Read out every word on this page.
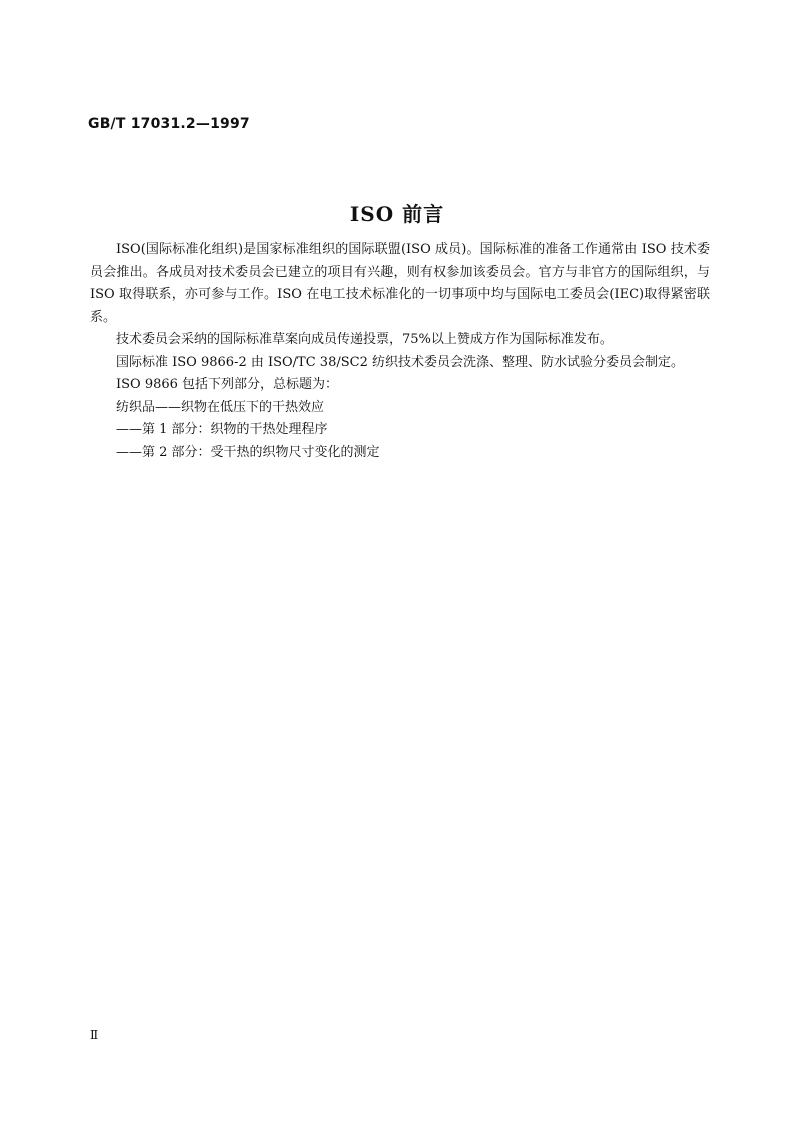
GB/T 17031.2—1997
ISO 前言

ISO(国际标准化组织)是国家标准组织的国际联盟(ISO 成员)。国际标准的准备工作通常由 ISO 技术委员会推出。各成员对技术委员会已建立的项目有兴趣，则有权参加该委员会。官方与非官方的国际组织，与 ISO 取得联系，亦可参与工作。ISO 在电工技术标准化的一切事项中均与国际电工委员会(IEC)取得紧密联系。

技术委员会采纳的国际标准草案向成员传递投票，75%以上赞成方作为国际标准发布。

国际标准 ISO 9866-2 由 ISO/TC 38/SC2 纺织技术委员会洗涤、整理、防水试验分委员会制定。

ISO 9866 包括下列部分，总标题为：

纺织品——织物在低压下的干热效应

——第 1 部分：织物的干热处理程序

——第 2 部分：受干热的织物尺寸变化的测定

Ⅱ
